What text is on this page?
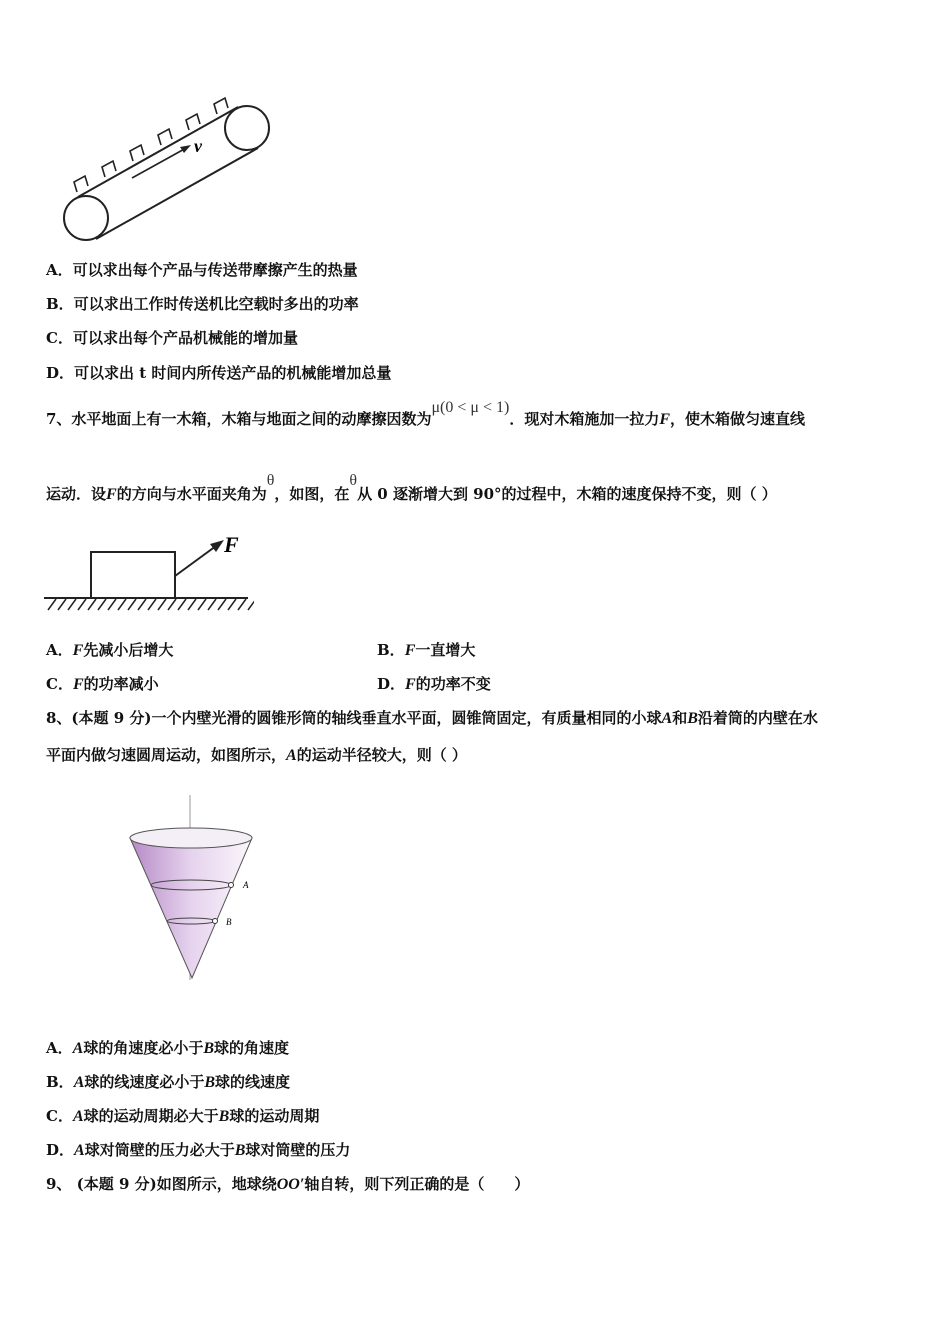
v
F
A
B
A．可以求出每个产品与传送带摩擦产生的热量
B．可以求出工作时传送机比空载时多出的功率
C．可以求出每个产品机械能的增加量
D．可以求出 t 时间内所传送产品的机械能增加总量
7、水平地面上有一木箱，木箱与地面之间的动摩擦因数为μ(0 < μ < 1)．现对木箱施加一拉力F，使木箱做匀速直线
运动．设F的方向与水平面夹角为θ，如图，在θ从 0 逐渐增大到 90°的过程中，木箱的速度保持不变，则（ ）
A．F先减小后增大	B．F一直增大
C．F的功率减小	D．F的功率不变
8、(本题 9 分)一个内壁光滑的圆锥形筒的轴线垂直水平面，圆锥筒固定，有质量相同的小球A和B沿着筒的内壁在水
平面内做匀速圆周运动，如图所示，A的运动半径较大，则（ ）
A．A球的角速度必小于B球的角速度
B．A球的线速度必小于B球的线速度
C．A球的运动周期必大于B球的运动周期
D．A球对筒壁的压力必大于B球对筒壁的压力
9、 (本题 9 分)如图所示，地球绕OO′轴自转，则下列正确的是（　　）
